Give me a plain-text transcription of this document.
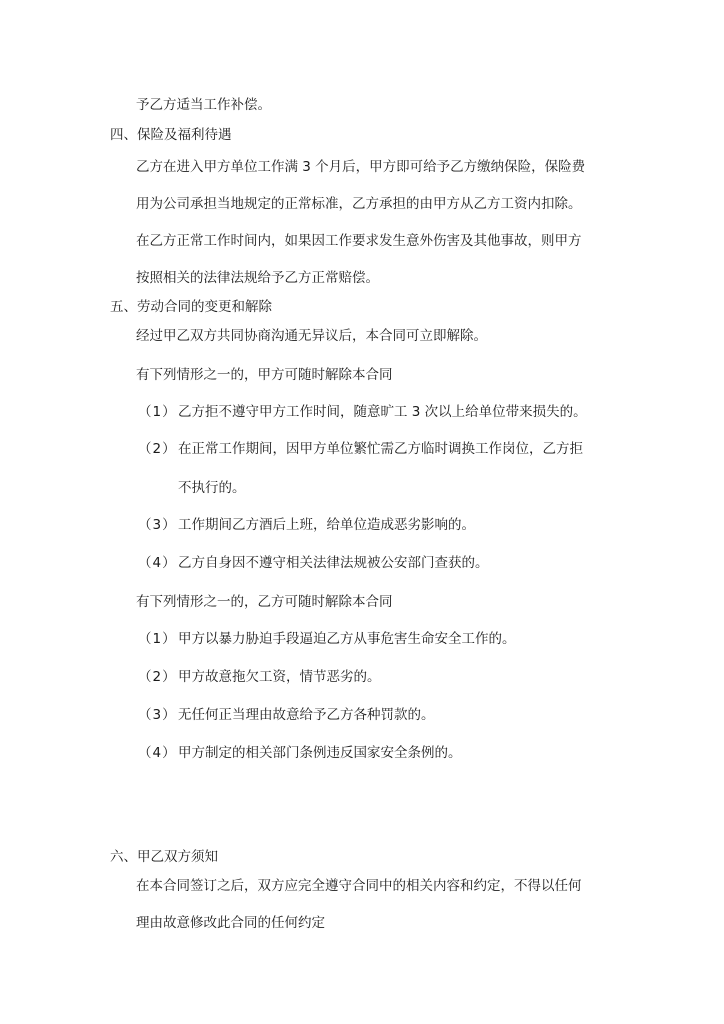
予乙方适当工作补偿。
四、保险及福利待遇
乙方在进入甲方单位工作满 3 个月后，甲方即可给予乙方缴纳保险，保险费
用为公司承担当地规定的正常标准，乙方承担的由甲方从乙方工资内扣除。
在乙方正常工作时间内，如果因工作要求发生意外伤害及其他事故，则甲方
按照相关的法律法规给予乙方正常赔偿。
五、劳动合同的变更和解除
经过甲乙双方共同协商沟通无异议后，本合同可立即解除。
有下列情形之一的，甲方可随时解除本合同
（1）乙方拒不遵守甲方工作时间，随意旷工 3 次以上给单位带来损失的。
（2）在正常工作期间，因甲方单位繁忙需乙方临时调换工作岗位，乙方拒
不执行的。
（3）工作期间乙方酒后上班，给单位造成恶劣影响的。
（4）乙方自身因不遵守相关法律法规被公安部门查获的。
有下列情形之一的，乙方可随时解除本合同
（1）甲方以暴力胁迫手段逼迫乙方从事危害生命安全工作的。
（2）甲方故意拖欠工资，情节恶劣的。
（3）无任何正当理由故意给予乙方各种罚款的。
（4）甲方制定的相关部门条例违反国家安全条例的。
六、甲乙双方须知
在本合同签订之后，双方应完全遵守合同中的相关内容和约定，不得以任何
理由故意修改此合同的任何约定
